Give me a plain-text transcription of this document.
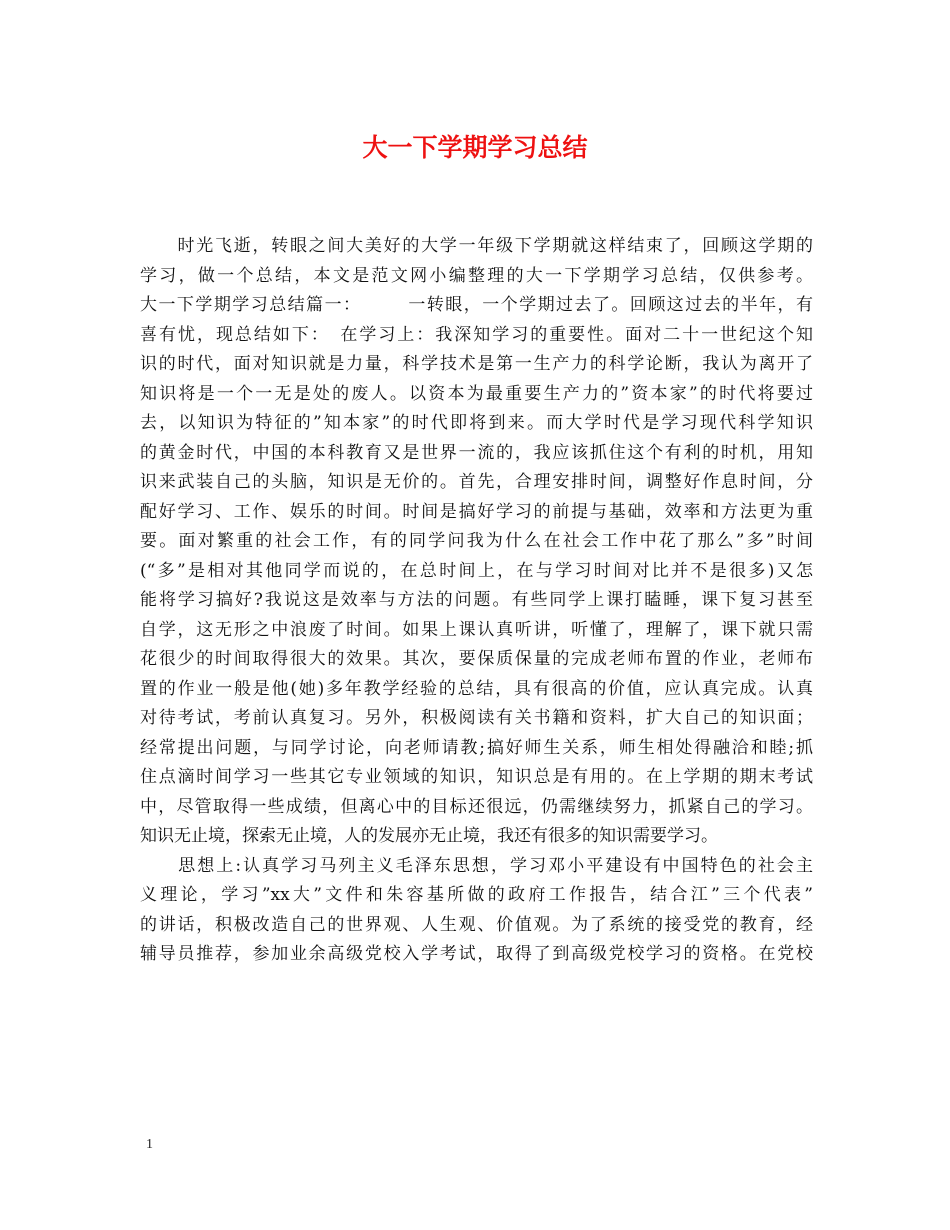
大一下学期学习总结
　　时光飞逝，转眼之间大美好的大学一年级下学期就这样结束了，回顾这学期的
学习，做一个总结，本文是范文网小编整理的大一下学期学习总结，仅供参考。
大一下学期学习总结篇一：　　　一转眼，一个学期过去了。回顾这过去的半年，有
喜有忧，现总结如下：　在学习上：我深知学习的重要性。面对二十一世纪这个知
识的时代，面对知识就是力量，科学技术是第一生产力的科学论断，我认为离开了
知识将是一个一无是处的废人。以资本为最重要生产力的”资本家”的时代将要过
去，以知识为特征的”知本家”的时代即将到来。而大学时代是学习现代科学知识
的黄金时代，中国的本科教育又是世界一流的，我应该抓住这个有利的时机，用知
识来武装自己的头脑，知识是无价的。首先，合理安排时间，调整好作息时间，分
配好学习、工作、娱乐的时间。时间是搞好学习的前提与基础，效率和方法更为重
要。面对繁重的社会工作，有的同学问我为什么在社会工作中花了那么”多”时间
(“多”是相对其他同学而说的，在总时间上，在与学习时间对比并不是很多)又怎
能将学习搞好?我说这是效率与方法的问题。有些同学上课打瞌睡，课下复习甚至
自学，这无形之中浪废了时间。如果上课认真听讲，听懂了，理解了，课下就只需
花很少的时间取得很大的效果。其次，要保质保量的完成老师布置的作业，老师布
置的作业一般是他(她)多年教学经验的总结，具有很高的价值，应认真完成。认真
对待考试，考前认真复习。另外，积极阅读有关书籍和资料，扩大自己的知识面；
经常提出问题，与同学讨论，向老师请教;搞好师生关系，师生相处得融洽和睦;抓
住点滴时间学习一些其它专业领域的知识，知识总是有用的。在上学期的期末考试
中，尽管取得一些成绩，但离心中的目标还很远，仍需继续努力，抓紧自己的学习。
知识无止境，探索无止境，人的发展亦无止境，我还有很多的知识需要学习。
　　思想上:认真学习马列主义毛泽东思想，学习邓小平建设有中国特色的社会主
义理论，学习”xx大”文件和朱容基所做的政府工作报告，结合江”三个代表”
的讲话，积极改造自己的世界观、人生观、价值观。为了系统的接受党的教育，经
辅导员推荐，参加业余高级党校入学考试，取得了到高级党校学习的资格。在党校
1
